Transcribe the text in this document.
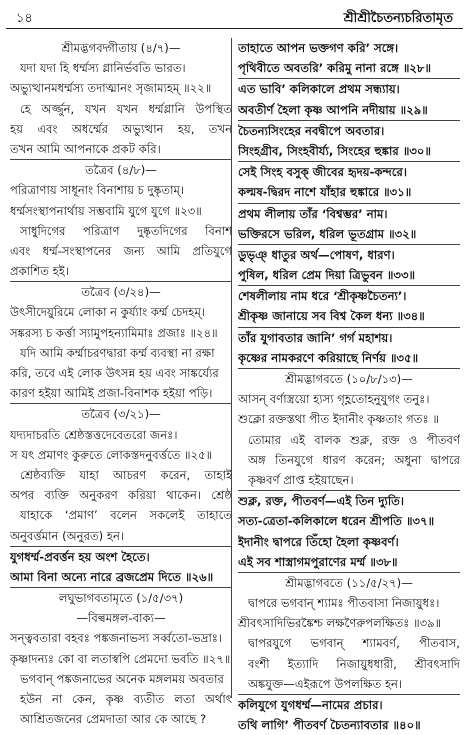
১৪	শ্রীশ্রীচৈতন্যচরিতামৃত
শ্রীমদ্ভগবদ্গীতায় (৪/৭)—
যদা যদা হি ধর্ম্মস্য গ্লানির্ভবতি ভারত।
অভ্যুত্থানমধর্ম্মস্য তদাত্মানং সৃজাম্যহম্ ॥২২॥
হে অর্জ্জুন, যখন যখন ধর্ম্মগ্লানি উপস্থিত
হয় এবং অধর্ম্মের অভ্যুত্থান হয়, তখন
তখন আমি আপনাকে প্রকট করি।
তত্রৈব (৪/৮)—
পরিত্রাণায় সাধূনাং বিনাশায় চ দুষ্কৃতাম্।
ধর্ম্মসংস্থাপনার্থায় সম্ভবামি যুগে যুগে ॥২৩॥
সাধুদিগের পরিত্রাণ দুষ্কৃতদিগের বিনাশ
এবং ধর্ম্ম-সংস্থাপনের জন্য আমি প্রতিযুগে
প্রকাশিত হই।
তত্রৈব (৩/২৪)—
উৎসীদেয়ুরিমে লোকা ন কুর্য্যাং কর্ম্ম চেদহম্।
সঙ্করস্য চ কর্ত্তা স্যামুপহন্যামিমাঃ প্রজাঃ ॥২৪॥
যদি আমি কর্ম্মাচরণদ্বারা কর্ম্ম ব্যবস্থা না রক্ষা
করি, তবে এই লোক উৎসন্ন হয় এবং সাঙ্কর্য্যের
কারণ হইয়া আমিই প্রজা-বিনাশক হইয়া পড়ি।
তত্রৈব (৩/২১)—
যদ্যদাচরতি শ্রেষ্ঠস্তত্তদেবেতরো জনঃ।
স যৎ প্রমাণং কুরুতে লোকস্তদনুবর্ত্ততে ॥২৫॥
শ্রেষ্ঠব্যক্তি যাহা আচরণ করেন, তাহাই
অপর ব্যক্তি অনুকরণ করিয়া থাকেন। শ্রেষ্ঠ
যাহাকে ‘প্রমাণ’ বলেন সকলেই তাহাতে
অনুবর্ত্তমান (অনুরত) হন।
যুগধর্ম্ম-প্রবর্ত্তন হয় অংশ হৈতে।
আমা বিনা অন্যে নারে ব্রজপ্রেম দিতে ॥২৬॥
লঘুভাগবতামৃতে (১/৫/৩৭)
—বিল্বমঙ্গল-বাক্য—
সন্ত্ববতারা বহবঃ পঙ্কজনাভস্য সর্ব্বতো-ভদ্রাঃ।
কৃষ্ণাদন্যঃ কো বা লতাস্বপি প্রেমদো ভবতি ॥২৭॥
ভগবান্ পঙ্কজনাভের অনেক মঙ্গলময় অবতার
হউন না কেন, কৃষ্ণ ব্যতীত লতা অর্থাৎ
আশ্রিতজনের প্রেমদাতা আর কে আছে ?
তাহাতে আপন ভক্তগণ করি’ সঙ্গে।
পৃথিবীতে অবতরি’ করিমু নানা রঙ্গে ॥২৮॥
এত ভাবি’ কলিকালে প্রথম সন্ধ্যায়।
অবতীর্ণ হৈলা কৃষ্ণ আপনি নদীয়ায় ॥২৯॥
চৈতন্যসিংহের নবদ্বীপে অবতার।
সিংহগ্রীব, সিংহবীর্য্য, সিংহের হুঙ্কার ॥৩০॥
সেই সিংহ বসুক্ জীবের হৃদয়-কন্দরে।
কল্মষ-দ্বিরদ নাশে যাঁহার হুঙ্কারে ॥৩১॥
প্রথম লীলায় তাঁর ‘বিশ্বম্ভর’ নাম।
ভক্তিরসে ভরিল, ধরিল ভূতগ্রাম ॥৩২॥
ডুভৃঞ্ ধাতুর অর্থ—পোষণ, ধারণ।
পুষিল, ধরিল প্রেম দিয়া ত্রিভুবন ॥৩৩॥
শেষলীলায় নাম ধরে ‘শ্রীকৃষ্ণচৈতন্য’।
শ্রীকৃষ্ণ জানায়ে সব বিশ্ব কৈল ধন্য ॥৩৪॥
তাঁর যুগাবতার জানি’ গর্গ মহাশয়।
কৃষ্ণের নামকরণে করিয়াছে নির্ণয় ॥৩৫॥
শ্রীমদ্ভাগবতে (১০/৮/১৩)—
আসন্ বর্ণাস্ত্রয়ো হ্যস্য গৃহ্ণতোহনুযুগং তনুঃ।
শুক্লো রক্তস্তথা পীত ইদানীং কৃষ্ণতাং গতঃ ॥
তোমার এই বালক শুক্ল, রক্ত ও পীতবর্ণ
অঙ্গ তিনযুগে ধারণ করেন; অধুনা দ্বাপরে
কৃষ্ণবর্ণ প্রাপ্ত হইয়াছেন।
শুক্ল, রক্ত, পীতবর্ণ—এই তিন দ্যুতি।
সত্য-ত্রেতা-কলিকালে ধরেন শ্রীপতি ॥৩৭॥
ইদানীং দ্বাপরে তিঁহো হৈলা কৃষ্ণবর্ণ।
এই সব শাস্ত্রাগমপুরাণের মর্ম্ম ॥৩৮॥
শ্রীমদ্ভাগবতে (১১/৫/২৭)—
দ্বাপরে ভগবান্ শ্যামঃ পীতবাসা নিজায়ুধঃ।
শ্রীবৎসাদিভিরঙ্কৈশ্চ লক্ষণৈরুপলক্ষিতঃ ॥৩৯॥
দ্বাপরযুগে ভগবান্ শ্যামবর্ণ, পীতবাস,
বংশী ইত্যাদি নিজায়ুধধারী, শ্রীবৎসাদি
অঙ্কযুক্ত—এইরূপে উপলক্ষিত হন।
কলিযুগে যুগধর্ম্ম—নামের প্রচার।
তথি লাগি’ পীতবর্ণ চৈতন্যাবতার ॥৪০॥
